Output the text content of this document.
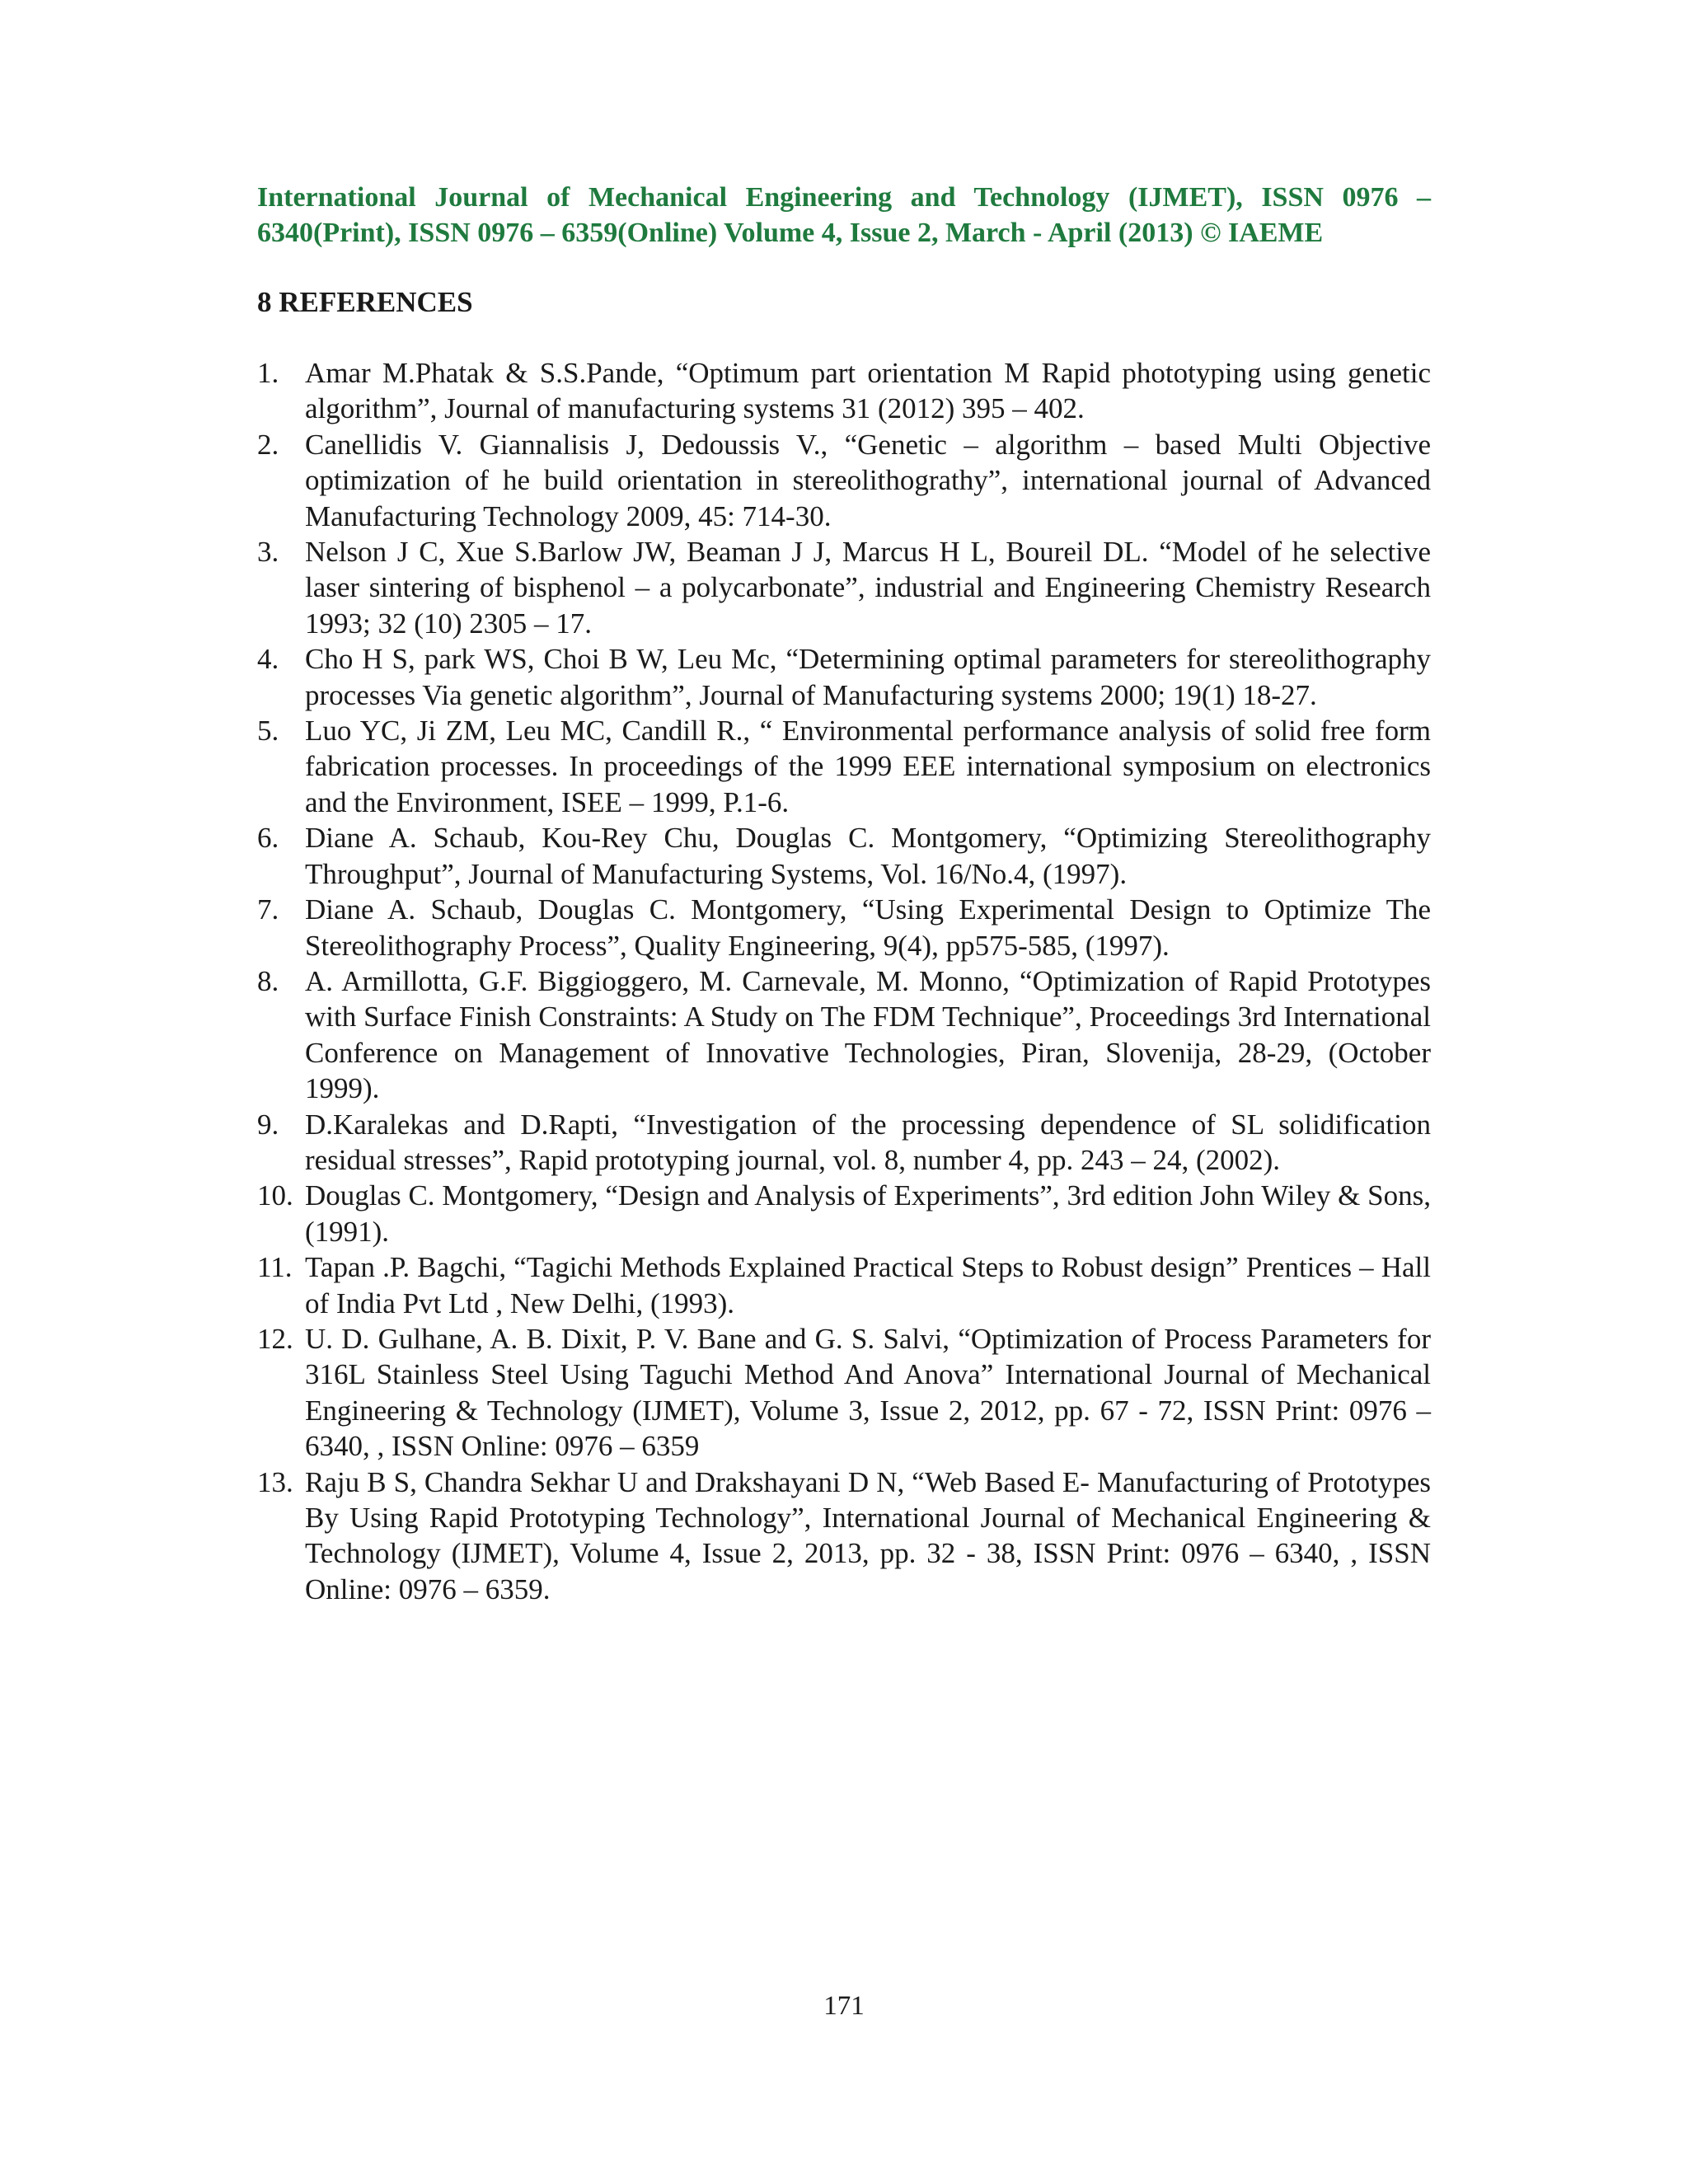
International Journal of Mechanical Engineering and Technology (IJMET), ISSN 0976 – 6340(Print), ISSN 0976 – 6359(Online) Volume 4, Issue 2, March - April (2013) © IAEME
8 REFERENCES
1. Amar M.Phatak & S.S.Pande, “Optimum part orientation M Rapid phototyping using genetic algorithm”, Journal of manufacturing systems 31 (2012) 395 – 402.
2. Canellidis V. Giannalisis J, Dedoussis V., “Genetic – algorithm – based Multi Objective optimization of he build orientation in stereolithograthy”, international journal of Advanced Manufacturing Technology 2009, 45: 714-30.
3. Nelson J C, Xue S.Barlow JW, Beaman J J, Marcus H L, Boureil DL. “Model of he selective laser sintering of bisphenol – a polycarbonate”, industrial and Engineering Chemistry Research 1993; 32 (10) 2305 – 17.
4. Cho H S, park WS, Choi B W, Leu Mc, “Determining optimal parameters for stereolithography processes Via genetic algorithm”, Journal of Manufacturing systems 2000; 19(1) 18-27.
5. Luo YC, Ji ZM, Leu MC, Candill R., “ Environmental performance analysis of solid free form fabrication processes. In proceedings of the 1999 EEE international symposium on electronics and the Environment, ISEE – 1999, P.1-6.
6. Diane A. Schaub, Kou-Rey Chu, Douglas C. Montgomery, “Optimizing Stereolithography Throughput”, Journal of Manufacturing Systems, Vol. 16/No.4, (1997).
7. Diane A. Schaub, Douglas C. Montgomery, “Using Experimental Design to Optimize The Stereolithography Process”, Quality Engineering, 9(4), pp575-585, (1997).
8. A. Armillotta, G.F. Biggioggero, M. Carnevale, M. Monno, “Optimization of Rapid Prototypes with Surface Finish Constraints: A Study on The FDM Technique”, Proceedings 3rd International Conference on Management of Innovative Technologies, Piran, Slovenija, 28-29, (October 1999).
9. D.Karalekas and D.Rapti, “Investigation of the processing dependence of SL solidification residual stresses”, Rapid prototyping journal, vol. 8, number 4, pp. 243 – 24, (2002).
10. Douglas C. Montgomery, “Design and Analysis of Experiments”, 3rd edition John Wiley & Sons, (1991).
11. Tapan .P. Bagchi, “Tagichi Methods Explained Practical Steps to Robust design” Prentices – Hall of India Pvt Ltd , New Delhi, (1993).
12. U. D. Gulhane, A. B. Dixit, P. V. Bane and G. S. Salvi, “Optimization of Process Parameters for 316L Stainless Steel Using Taguchi Method And Anova” International Journal of Mechanical Engineering & Technology (IJMET), Volume 3, Issue 2, 2012, pp. 67 - 72, ISSN Print: 0976 – 6340, , ISSN Online: 0976 – 6359
13. Raju B S, Chandra Sekhar U and Drakshayani D N, “Web Based E- Manufacturing of Prototypes By Using Rapid Prototyping Technology”, International Journal of Mechanical Engineering & Technology (IJMET), Volume 4, Issue 2, 2013, pp. 32 - 38, ISSN Print: 0976 – 6340, , ISSN Online: 0976 – 6359.
171
